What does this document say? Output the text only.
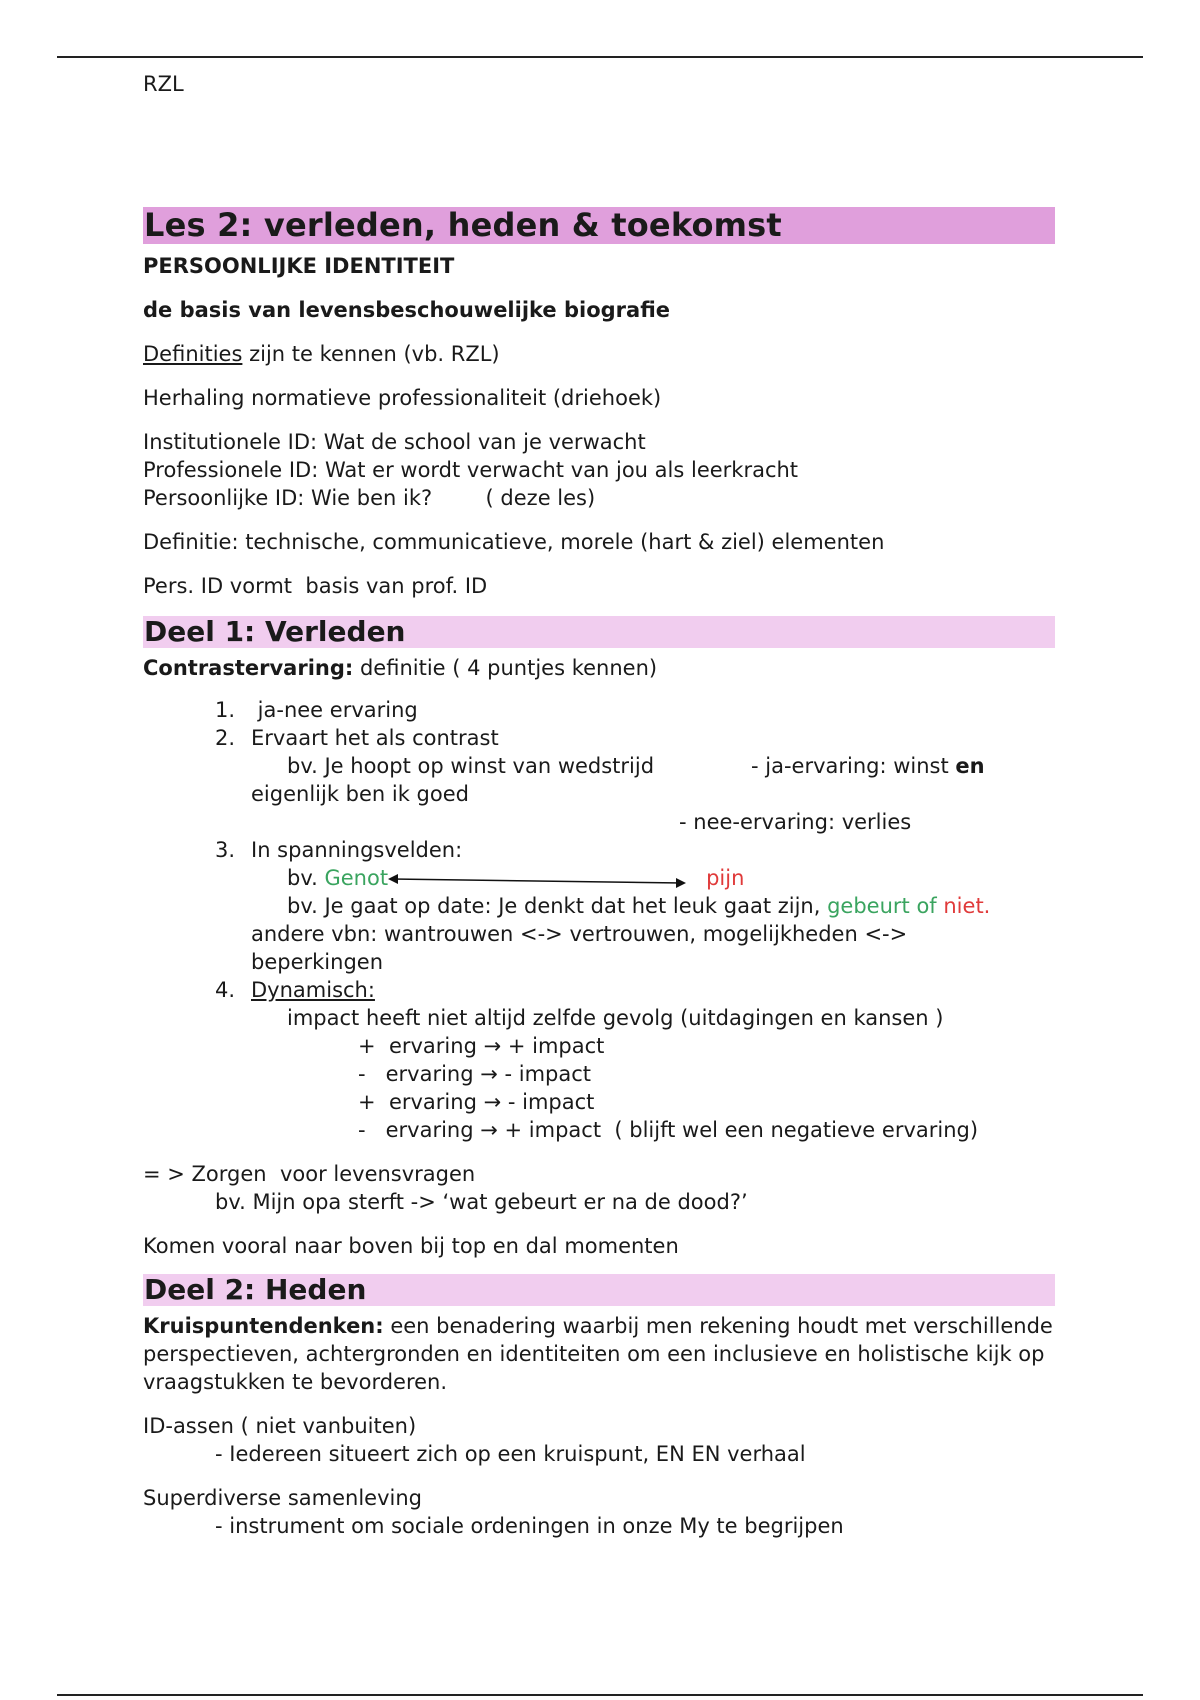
RZL
Les 2: verleden, heden & toekomst
PERSOONLIJKE IDENTITEIT
de basis van levensbeschouwelijke biografie
Definities zijn te kennen (vb. RZL)
Herhaling normatieve professionaliteit (driehoek)
Institutionele ID: Wat de school van je verwacht
Professionele ID: Wat er wordt verwacht van jou als leerkracht
Persoonlijke ID: Wie ben ik?        ( deze les)
Definitie: technische, communicatieve, morele (hart & ziel) elementen
Pers. ID vormt  basis van prof. ID
Deel 1: Verleden
Contrastervaring: definitie ( 4 puntjes kennen)
1. ja-nee ervaring
2. Ervaart het als contrast
bv. Je hoopt op winst van wedstrijd	- ja-ervaring: winst en
eigenlijk ben ik goed
- nee-ervaring: verlies
3. In spanningsvelden:
bv. Genot	pijn
bv. Je gaat op date: Je denkt dat het leuk gaat zijn, gebeurt of niet.
andere vbn: wantrouwen <-> vertrouwen, mogelijkheden <->
beperkingen
4. Dynamisch:
impact heeft niet altijd zelfde gevolg (uitdagingen en kansen )
+  ervaring → + impact
-   ervaring → - impact
+  ervaring → - impact
-   ervaring → + impact  ( blijft wel een negatieve ervaring)
= > Zorgen  voor levensvragen
bv. Mijn opa sterft -> ‘wat gebeurt er na de dood?’
Komen vooral naar boven bij top en dal momenten
Deel 2: Heden
Kruispuntendenken: een benadering waarbij men rekening houdt met verschillende perspectieven, achtergronden en identiteiten om een inclusieve en holistische kijk op vraagstukken te bevorderen.
ID-assen ( niet vanbuiten)
- Iedereen situeert zich op een kruispunt, EN EN verhaal
Superdiverse samenleving
- instrument om sociale ordeningen in onze My te begrijpen
